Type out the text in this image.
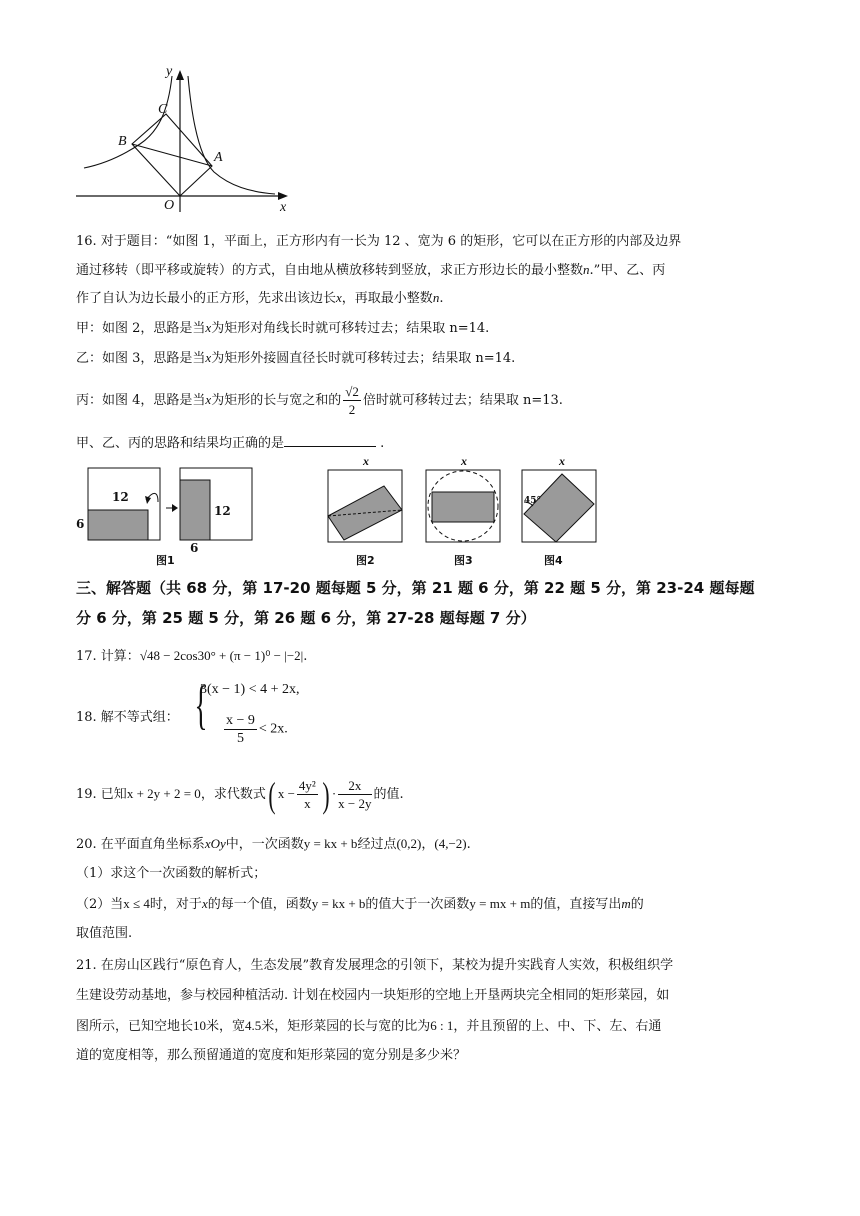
y
x
O
A
B
C
16. 对于题目：“如图 1，平面上，正方形内有一长为 12 、宽为 6 的矩形，它可以在正方形的内部及边界
通过移转（即平移或旋转）的方式，自由地从横放移转到竖放，求正方形边长的最小整数n.”甲、乙、丙
作了自认为边长最小的正方形，先求出该边长x，再取最小整数n.
甲：如图 2，思路是当x为矩形对角线长时就可移转过去；结果取 n=14.
乙：如图 3，思路是当x为矩形外接圆直径长时就可移转过去；结果取 n=14.
丙：如图 4，思路是当x为矩形的长与宽之和的 $\frac{√2}{2}$ 倍时就可移转过去；结果取 n=13.
甲、乙、丙的思路和结果均正确的是	.
12
6
12
6
图1
x
图2
x
图3
x
45°
图4
三、解答题（共 68 分，第 17-20 题每题 5 分，第 21 题 6 分，第 22 题 5 分，第 23-24 题每题
分 6 分，第 25 题 5 分，第 26 题 6 分，第 27-28 题每题 7 分）
17. 计算：√48 − 2cos30° + (π − 1)⁰ − |−2|.
18. 解不等式组： {
3(x − 1) < 4 + 2x,
$\frac{x - 9}{5} < 2x$.
19. 已知x + 2y + 2 = 0，求代数式( $x - \frac{\text{4y²}}{x}$ ) · $\frac{2x}{x - 2y}$ 的值.
20. 在平面直角坐标系xOy中，一次函数y = kx + b经过点(0,2)，(4,−2).
（1）求这个一次函数的解析式；
（2）当x ≤ 4时，对于x的每一个值，函数y = kx + b的值大于一次函数y = mx + m的值，直接写出m的
取值范围.
21. 在房山区践行“原色育人，生态发展”教育发展理念的引领下，某校为提升实践育人实效，积极组织学
生建设劳动基地，参与校园种植活动. 计划在校园内一块矩形的空地上开垦两块完全相同的矩形菜园，如
图所示，已知空地长10米，宽4.5米，矩形菜园的长与宽的比为6 : 1，并且预留的上、中、下、左、右通
道的宽度相等，那么预留通道的宽度和矩形菜园的宽分别是多少米？
